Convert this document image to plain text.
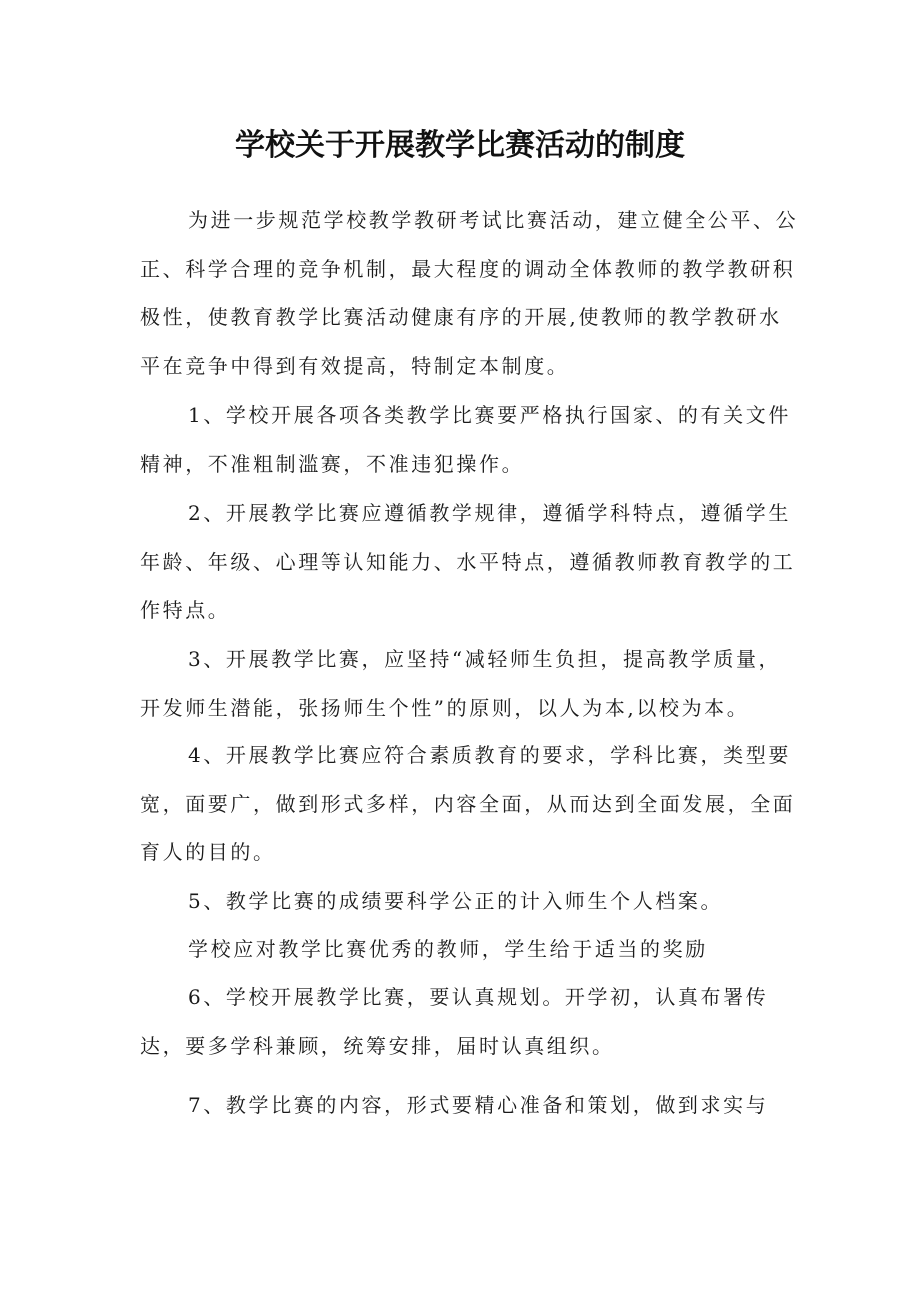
学校关于开展教学比赛活动的制度

为进一步规范学校教学教研考试比赛活动，建立健全公平、公正、科学合理的竞争机制，最大程度的调动全体教师的教学教研积极性，使教育教学比赛活动健康有序的开展,使教师的教学教研水平在竞争中得到有效提高，特制定本制度。

1、学校开展各项各类教学比赛要严格执行国家、的有关文件精神，不准粗制滥赛，不准违犯操作。

2、开展教学比赛应遵循教学规律，遵循学科特点，遵循学生年龄、年级、心理等认知能力、水平特点，遵循教师教育教学的工作特点。

3、开展教学比赛，应坚持“减轻师生负担，提高教学质量，开发师生潜能，张扬师生个性”的原则，以人为本,以校为本。

4、开展教学比赛应符合素质教育的要求，学科比赛，类型要宽，面要广，做到形式多样，内容全面，从而达到全面发展，全面育人的目的。

5、教学比赛的成绩要科学公正的计入师生个人档案。

学校应对教学比赛优秀的教师，学生给于适当的奖励

6、学校开展教学比赛，要认真规划。开学初，认真布署传达，要多学科兼顾，统筹安排，届时认真组织。

7、教学比赛的内容，形式要精心准备和策划，做到求实与
